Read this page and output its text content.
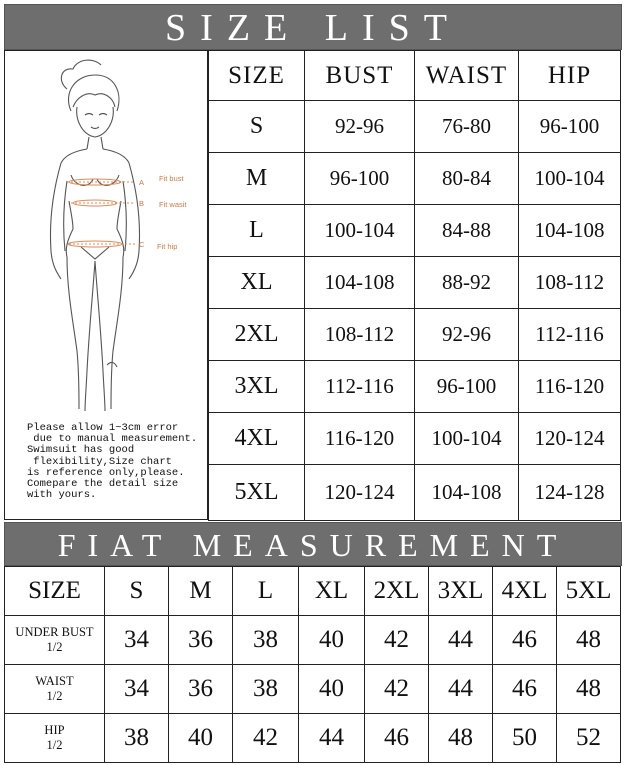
SIZE LIST
A Fit bust
B Fit wasit
C Fit hip
Please allow 1~3cm error
due to manual measurement.
Swimsuit has good
flexibility,Size chart
is reference only,please.
Comepare the detail size
with yours.
SIZE	BUST	WAIST	HIP
S	92-96	76-80	96-100
M	96-100	80-84	100-104
L	100-104	84-88	104-108
XL	104-108	88-92	108-112
2XL	108-112	92-96	112-116
3XL	112-116	96-100	116-120
4XL	116-120	100-104	120-124
5XL	120-124	104-108	124-128
FIAT MEASUREMENT
SIZE	S	M	L	XL	2XL	3XL	4XL	5XL

UNDER BUST
1/2	34	36	38	40	42	44	46	48

WAIST
1/2	34	36	38	40	42	44	46	48

HIP
1/2	38	40	42	44	46	48	50	52
